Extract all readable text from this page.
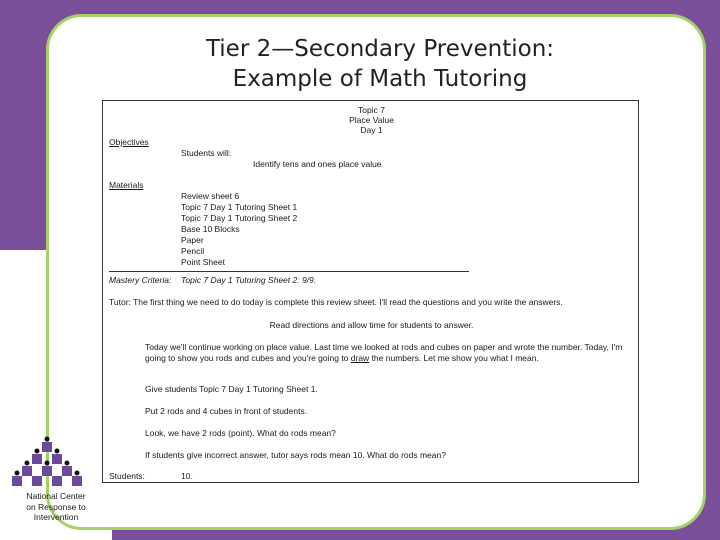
Tier 2—Secondary Prevention:
Example of Math Tutoring
Topic 7
Place Value
Day 1
Objectives
Students will:
Identify tens and ones place value
Materials
Review sheet 6
Topic 7 Day 1 Tutoring Sheet 1
Topic 7 Day 1 Tutoring Sheet 2
Base 10 Blocks
Paper
Pencil
Point Sheet
Mastery Criteria: Topic 7 Day 1 Tutoring Sheet 2: 9/9.
Tutor: The first thing we need to do today is complete this review sheet. I'll read the questions and you write the answers.
Read directions and allow time for students to answer.
Today we'll continue working on place value. Last time we looked at rods and cubes on paper and wrote the number. Today, I'm going to show you rods and cubes and you're going to draw the numbers. Let me show you what I mean.
Give students Topic 7 Day 1 Tutoring Sheet 1.
Put 2 rods and 4 cubes in front of students.
Look, we have 2 rods (point). What do rods mean?
If students give incorrect answer, tutor says rods mean 10. What do rods mean?
Students:	10.
National Center
on Response to
Intervention
